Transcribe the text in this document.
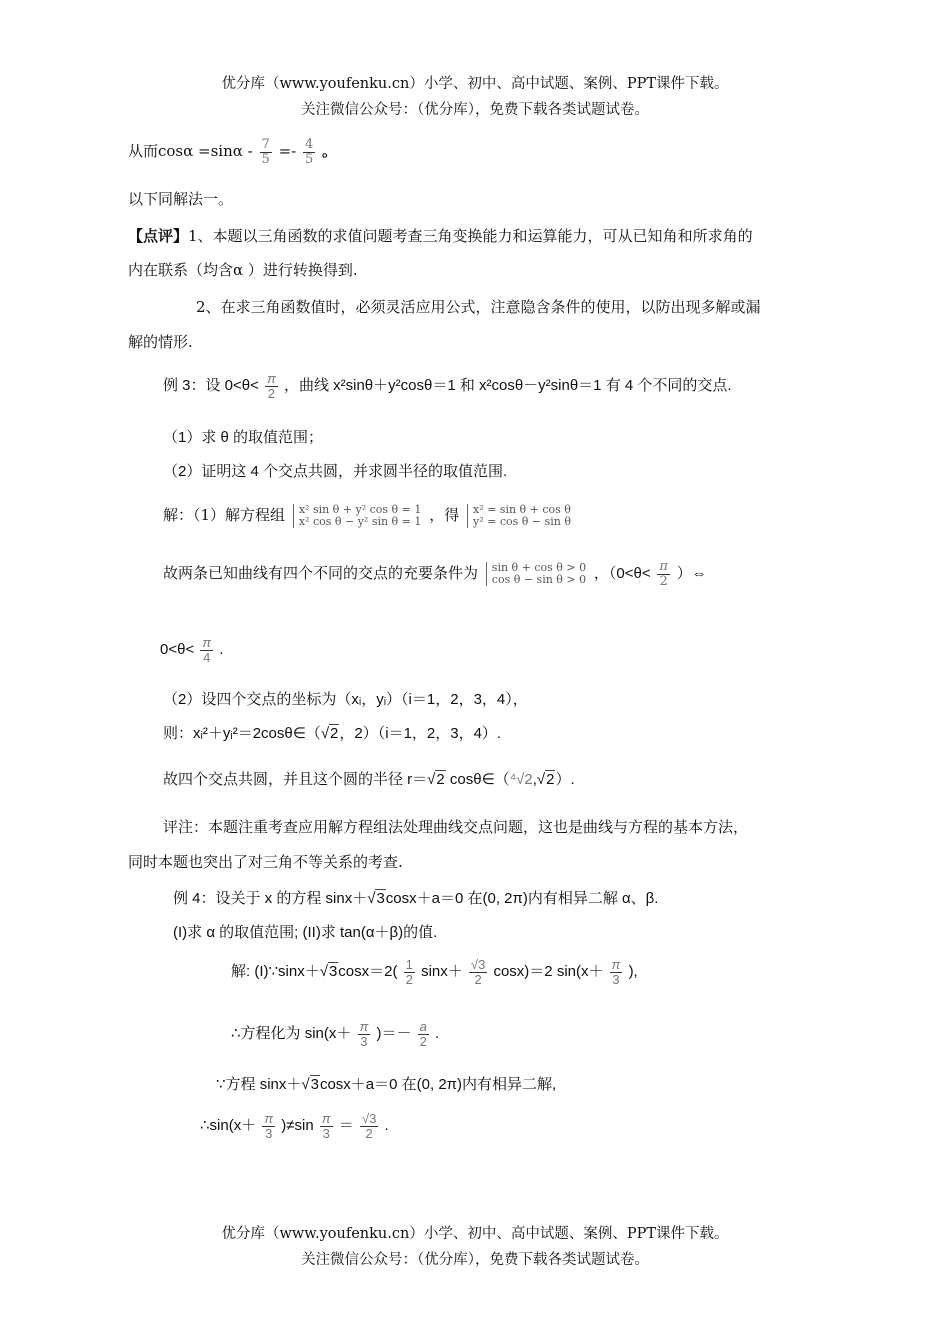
优分库（www.youfenku.cn）小学、初中、高中试题、案例、PPT课件下载。
关注微信公众号：（优分库），免费下载各类试题试卷。
从而$\cos\alpha =\sin\alpha - \frac{7}{5} =- \frac{4}{5}$ 。
以下同解法一。
【点评】1、本题以三角函数的求值问题考查三角变换能力和运算能力，可从已知角和所求角的
内在联系（均含α ）进行转换得到.
2、在求三角函数值时，必须灵活应用公式，注意隐含条件的使用，以防出现多解或漏
解的情形.
例 3：设 $0<\theta< \frac{\pi}{2}$ ，曲线 x²sinθ＋y²cosθ＝1 和 x²cosθ－y²sinθ＝1 有 4 个不同的交点.
（1）求 θ 的取值范围；
（2）证明这 4 个交点共圆，并求圆半径的取值范围.
解：（1）解方程组 x² sin θ + y² cos θ = 1
x² cos θ − y² sin θ = 1 ，得 x² = sin θ + cos θ
y² = cos θ − sin θ
故两条已知曲线有四个不同的交点的充要条件为 sin θ + cos θ > 0
cos θ − sin θ > 0 ，（$0<\theta< \frac{\pi}{2}$ ）⇔
$0<\theta< \frac{\pi}{4}$ .
（2）设四个交点的坐标为（xᵢ，yᵢ）（i＝1，2，3，4），
则：xᵢ²＋yᵢ²＝2cosθ∈（√2，2）（i＝1，2，3，4）.
故四个交点共圆，并且这个圆的半径 r＝√2 cosθ∈（⁴√2,√2）.
评注：本题注重考查应用解方程组法处理曲线交点问题，这也是曲线与方程的基本方法，
同时本题也突出了对三角不等关系的考查.
例 4：设关于 x 的方程 sinx＋√3cosx＋a＝0 在(0, 2π)内有相异二解 α、β.
(I)求 α 的取值范围; (II)求 tan(α＋β)的值.
解: (I)∵sinx＋√3cosx＝2( $\frac{1}{2} \sin x+ \frac{√3}{2} \cos x)=2$ $\sin(x+ \frac{\pi}{3}$ ),
∴方程化为 $\sin(x+ \frac{\pi}{3}$ )＝－ $\frac{a}{2}$ .
∵方程 sinx＋√3cosx＋a＝0 在(0, 2π)内有相异二解,
∴sin(x＋ $\frac{\pi}{3} )\ne\sin \frac{\pi}{3} = \frac{√3}{2}$ .
优分库（www.youfenku.cn）小学、初中、高中试题、案例、PPT课件下载。
关注微信公众号：（优分库），免费下载各类试题试卷。
